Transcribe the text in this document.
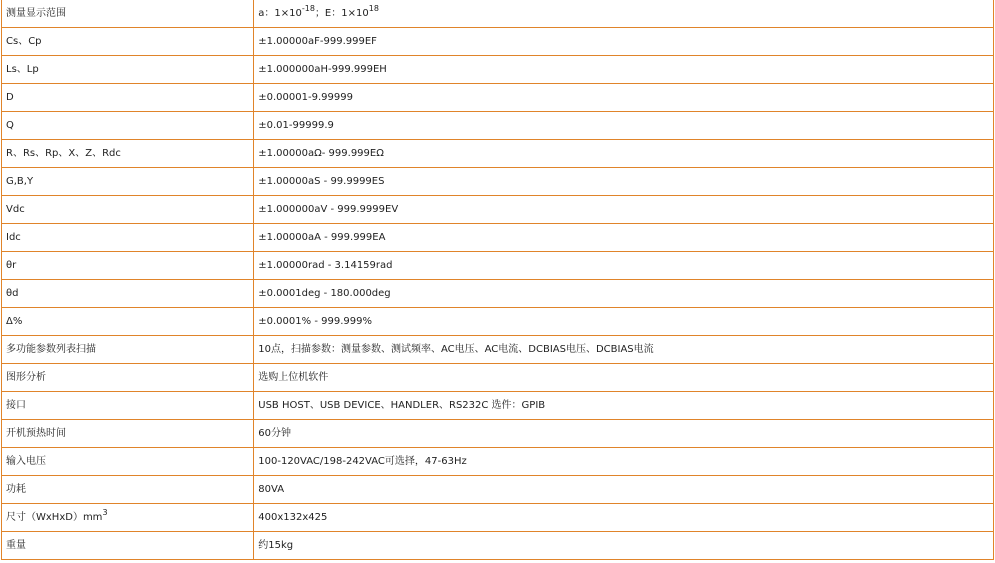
测量显示范围	a：$1\times 10^{-18}$；E：$1\times 10^{18}$
Cs、Cp	±1.00000aF-999.999EF
Ls、Lp	±1.000000aH-999.999EH
D	±0.00001-9.99999
Q	±0.01-99999.9
R、Rs、Rp、X、Z、Rdc	±1.00000aΩ- 999.999EΩ
G,B,Y	±1.00000aS - 99.9999ES
Vdc	±1.000000aV - 999.9999EV
Idc	±1.00000aA - 999.999EA
θr	±1.00000rad - 3.14159rad
θd	±0.0001deg - 180.000deg
Δ%	±0.0001% - 999.999%
多功能参数列表扫描	10点，扫描参数：测量参数、测试频率、AC电压、AC电流、DCBIAS电压、DCBIAS电流
图形分析	选购上位机软件
接口	USB HOST、USB DEVICE、HANDLER、RS232C 选件：GPIB
开机预热时间	60分钟
输入电压	100-120VAC/198-242VAC可选择，47-63Hz
功耗	80VA
尺寸$(WxHxD)mm^3$	400x132x425
重量	约15kg
